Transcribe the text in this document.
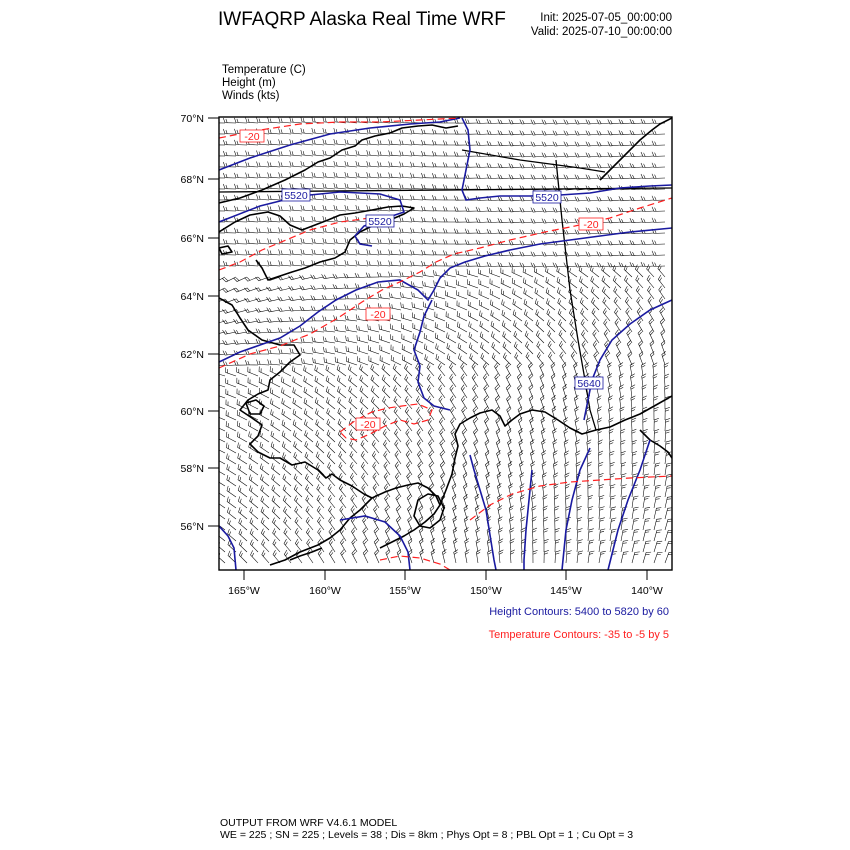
IWFAQRP Alaska Real Time WRF	Init: 2025-07-05_00:00:00
Valid: 2025-07-10_00:00:00
Temperature (C)
Height (m)
Winds (kts)
5520
5520
5520
5640
-20
-20
-20
-20
70°N
68°N
66°N
64°N
62°N
60°N
58°N
56°N
165°W	160°W	155°W	150°W	145°W	140°W
Height Contours: 5400 to 5820 by 60
Temperature Contours: -35 to -5 by 5
OUTPUT FROM WRF V4.6.1 MODEL
WE = 225 ; SN = 225 ; Levels = 38 ; Dis = 8km ; Phys Opt = 8 ; PBL Opt = 1 ; Cu Opt = 3
